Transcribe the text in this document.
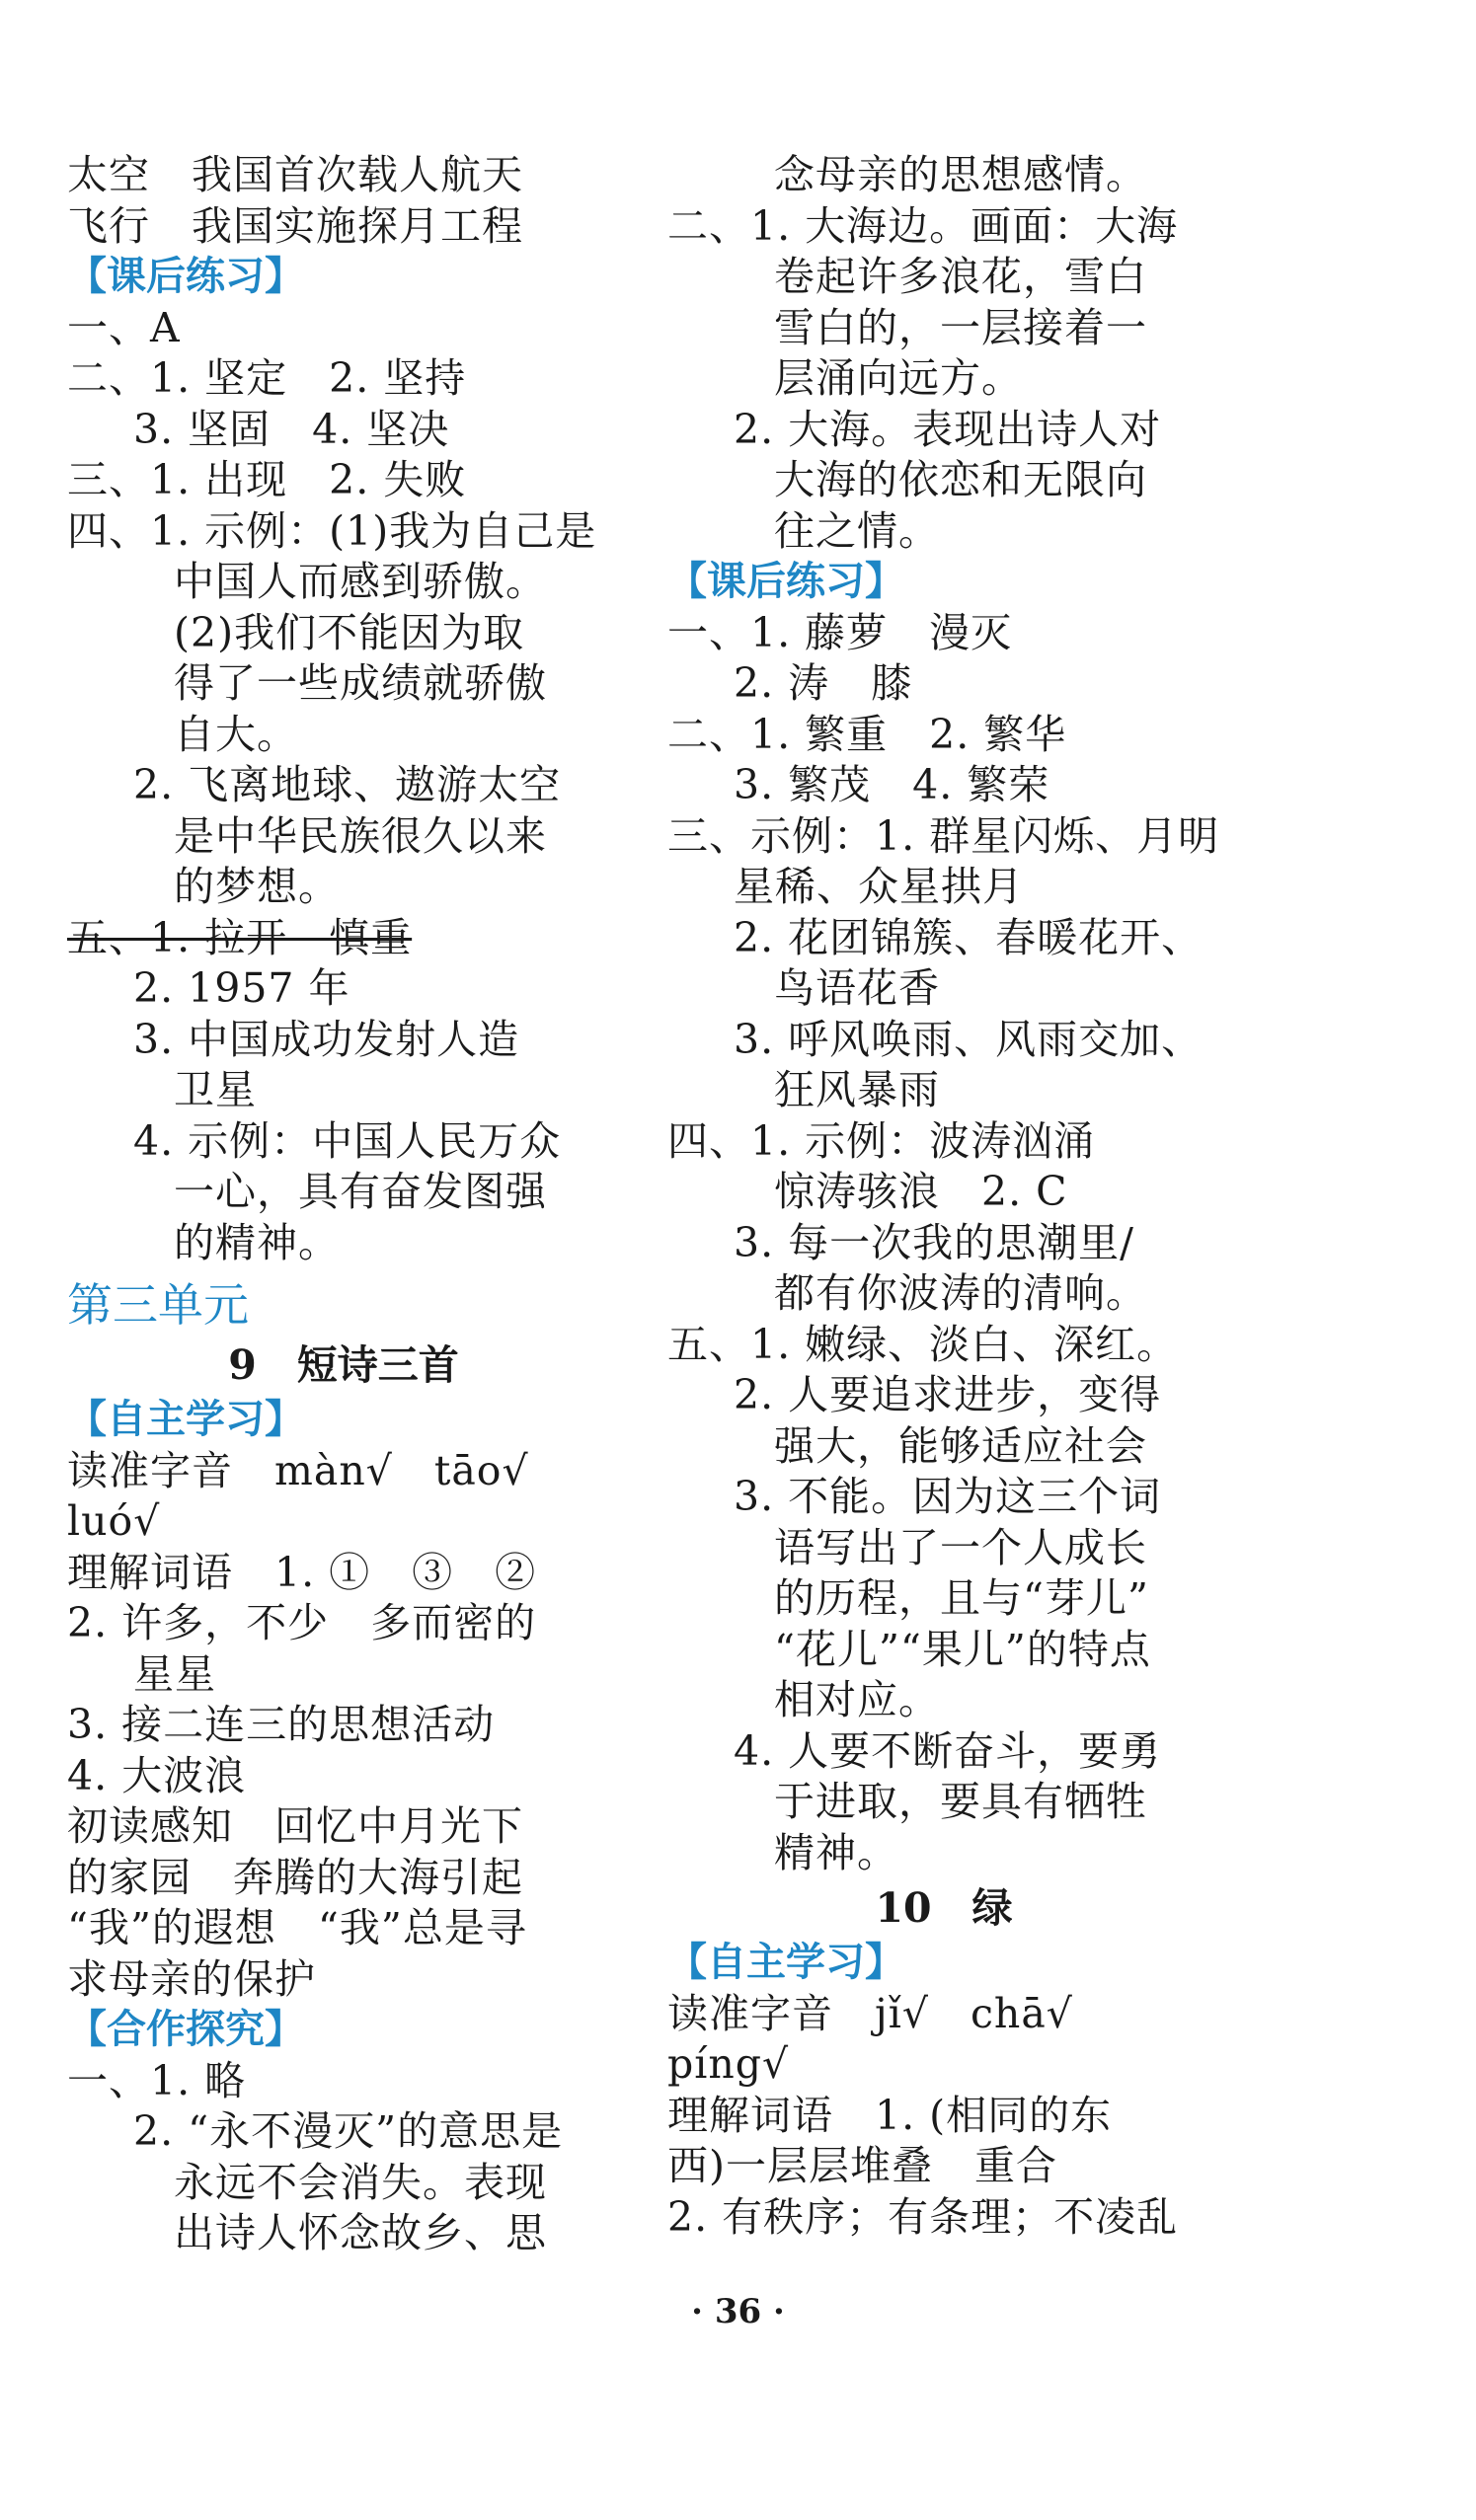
太空　我国首次载人航天
飞行　我国实施探月工程
【课后练习】
一、A
二、1. 坚定　2. 坚持
3. 坚固　4. 坚决
三、1. 出现　2. 失败
四、1. 示例：(1)我为自己是
中国人而感到骄傲。
(2)我们不能因为取
得了一些成绩就骄傲
自大。
2. 飞离地球、遨游太空
是中华民族很久以来
的梦想。
五、1. 拉开　慎重
2. 1957 年
3. 中国成功发射人造
卫星
4. 示例：中国人民万众
一心，具有奋发图强
的精神。
第三单元
9　短诗三首
【自主学习】
读准字音　màn√　tāo√
luó√
理解词语　1. ①　③　②
2. 许多，不少　多而密的
星星
3. 接二连三的思想活动
4. 大波浪
初读感知　回忆中月光下
的家园　奔腾的大海引起
“我”的遐想　“我”总是寻
求母亲的保护
【合作探究】
一、1. 略
2. “永不漫灭”的意思是
永远不会消失。表现
出诗人怀念故乡、思
念母亲的思想感情。
二、1. 大海边。画面：大海
卷起许多浪花，雪白
雪白的，一层接着一
层涌向远方。
2. 大海。表现出诗人对
大海的依恋和无限向
往之情。
【课后练习】
一、1. 藤萝　漫灭
2. 涛　膝
二、1. 繁重　2. 繁华
3. 繁茂　4. 繁荣
三、示例：1. 群星闪烁、月明
星稀、众星拱月
2. 花团锦簇、春暖花开、
鸟语花香
3. 呼风唤雨、风雨交加、
狂风暴雨
四、1. 示例：波涛汹涌
惊涛骇浪　2. C
3. 每一次我的思潮里/
都有你波涛的清响。
五、1. 嫩绿、淡白、深红。
2. 人要追求进步，变得
强大，能够适应社会
3. 不能。因为这三个词
语写出了一个人成长
的历程，且与“芽儿”
“花儿”“果儿”的特点
相对应。
4. 人要不断奋斗，要勇
于进取，要具有牺牲
精神。
10　绿
【自主学习】
读准字音　jǐ√　chā√
píng√
理解词语　1. (相同的东
西)一层层堆叠　重合
2. 有秩序；有条理；不凌乱
· 36 ·
